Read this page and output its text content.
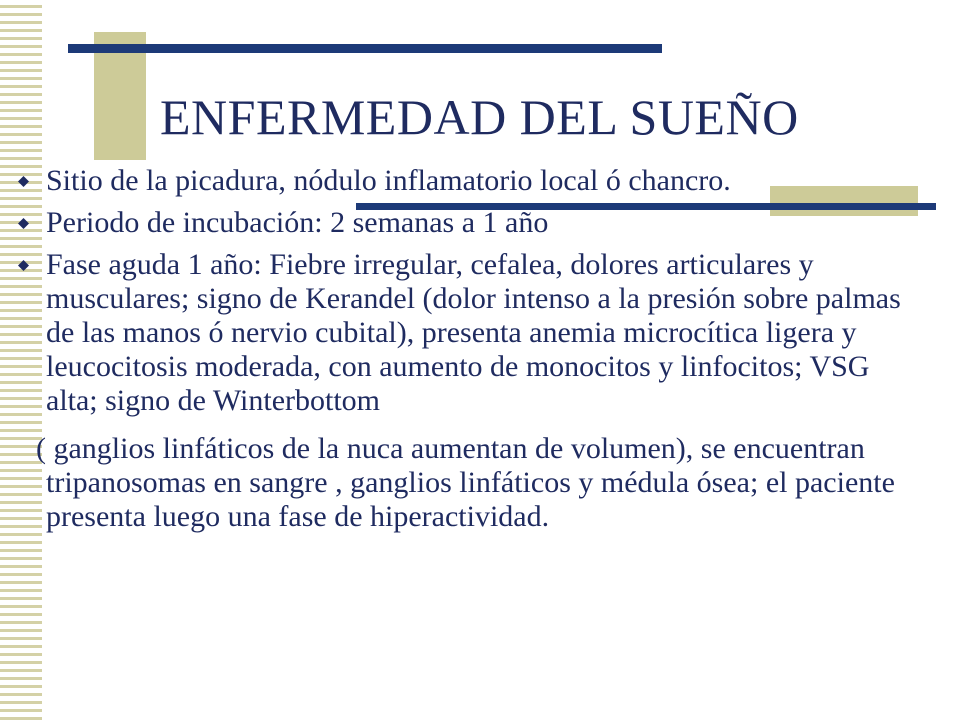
ENFERMEDAD DEL SUEÑO
Sitio de la picadura, nódulo inflamatorio local ó chancro.
Periodo de incubación: 2 semanas a 1 año
Fase aguda 1 año: Fiebre irregular, cefalea, dolores articulares y musculares; signo de Kerandel (dolor intenso a la presión sobre palmas de las manos ó nervio cubital), presenta anemia microcítica ligera y leucocitosis moderada, con aumento de monocitos y linfocitos; VSG alta; signo de Winterbottom
( ganglios linfáticos de la nuca aumentan de volumen), se encuentran tripanosomas en sangre , ganglios linfáticos y médula ósea; el paciente presenta luego una fase de hiperactividad.
